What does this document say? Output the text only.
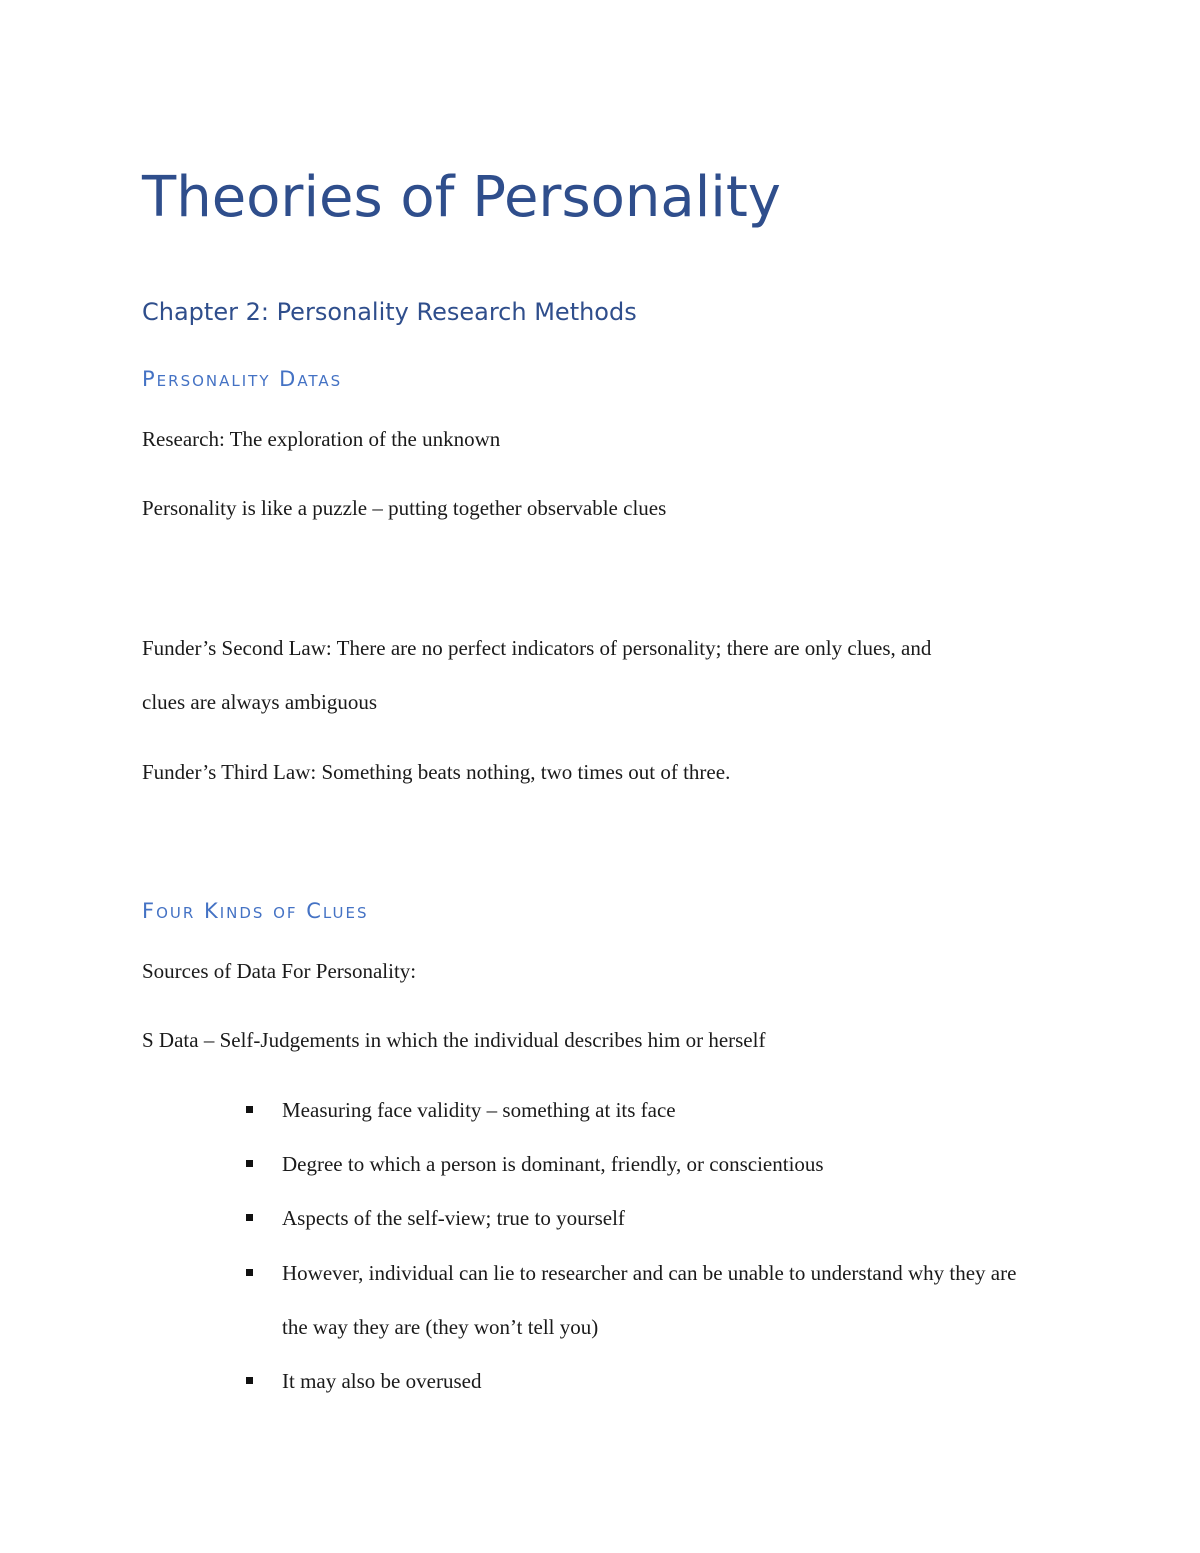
Theories of Personality
Chapter 2: Personality Research Methods
Personality Datas

Research: The exploration of the unknown

Personality is like a puzzle – putting together observable clues

Funder’s Second Law: There are no perfect indicators of personality; there are only clues, and

clues are always ambiguous

Funder’s Third Law: Something beats nothing, two times out of three.

Four Kinds of Clues

Sources of Data For Personality:

S Data – Self-Judgements in which the individual describes him or herself

Measuring face validity – something at its face
Degree to which a person is dominant, friendly, or conscientious
Aspects of the self-view; true to yourself
However, individual can lie to researcher and can be unable to understand why they are the way they are (they won’t tell you)
It may also be overused
